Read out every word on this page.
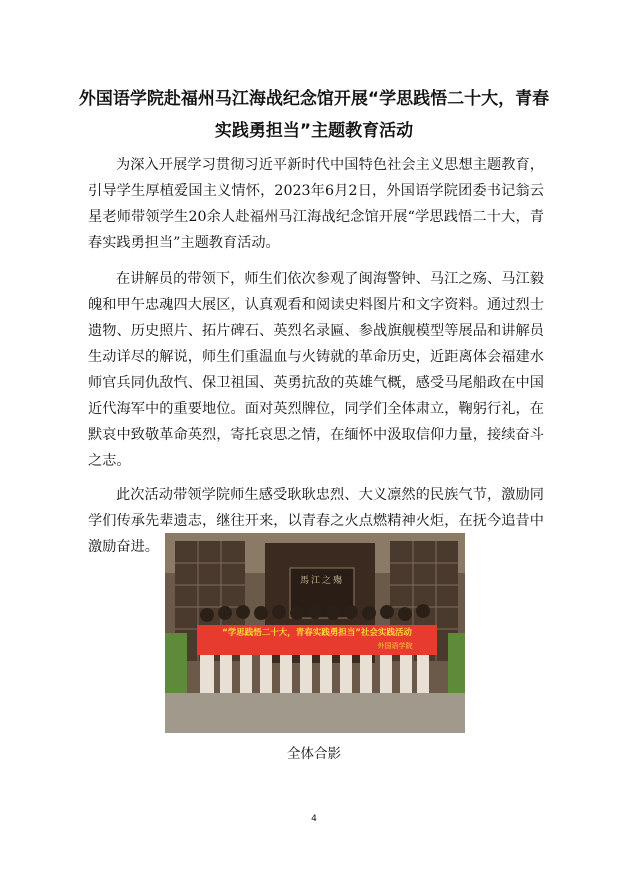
外国语学院赴福州马江海战纪念馆开展“学思践悟二十大，青春
实践勇担当”主题教育活动

为深入开展学习贯彻习近平新时代中国特色社会主义思想主题教育，引导学生厚植爱国主义情怀，2023年6月2日，外国语学院团委书记翁云星老师带领学生20余人赴福州马江海战纪念馆开展“学思践悟二十大，青春实践勇担当”主题教育活动。

在讲解员的带领下，师生们依次参观了闽海警钟、马江之殇、马江毅魄和甲午忠魂四大展区，认真观看和阅读史料图片和文字资料。通过烈士遗物、历史照片、拓片碑石、英烈名录匾、参战旗舰模型等展品和讲解员生动详尽的解说，师生们重温血与火铸就的革命历史，近距离体会福建水师官兵同仇敌忾、保卫祖国、英勇抗敌的英雄气概，感受马尾船政在中国近代海军中的重要地位。面对英烈牌位，同学们全体肃立，鞠躬行礼，在默哀中致敬革命英烈，寄托哀思之情，在缅怀中汲取信仰力量，接续奋斗之志。

此次活动带领学院师生感受耿耿忠烈、大义凛然的民族气节，激励同学们传承先辈遗志，继往开来，以青春之火点燃精神火炬，在抚今追昔中激励奋进。

馬江之殤
“学思践悟二十大，青春实践勇担当”社会实践活动
外国语学院
全体合影
4
